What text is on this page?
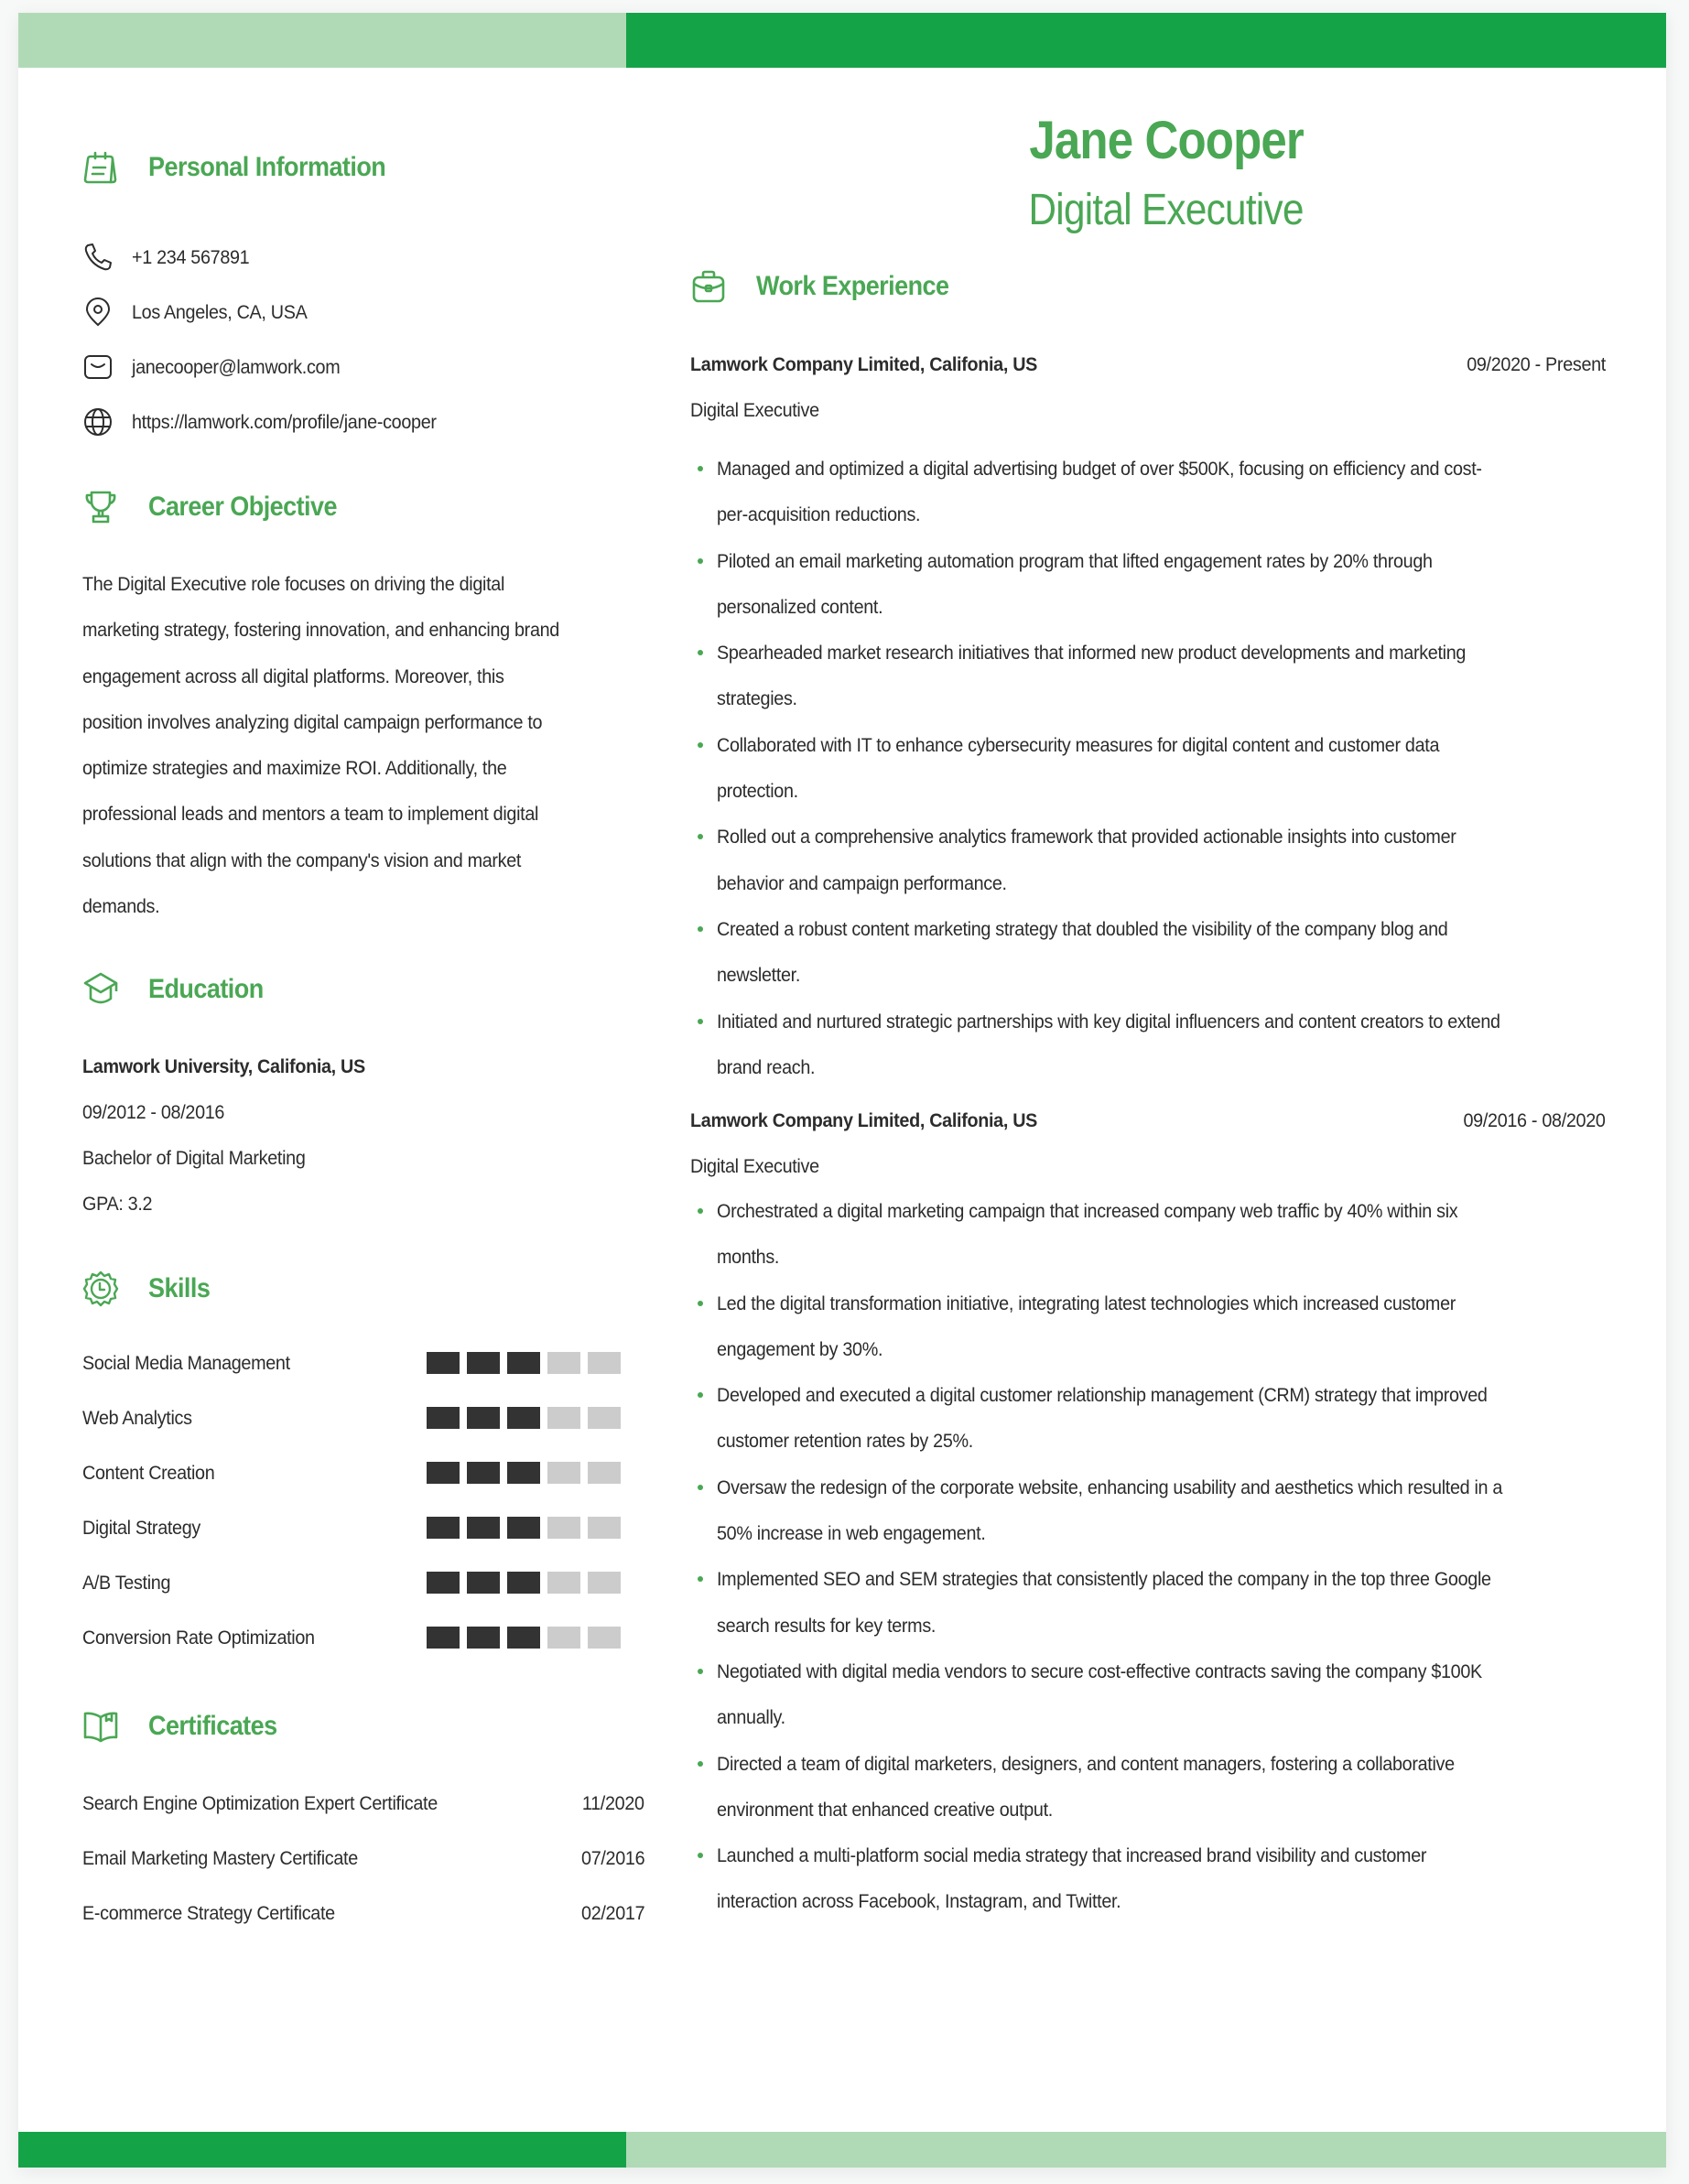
Personal Information
+1 234 567891
Los Angeles, CA, USA
janecooper@lamwork.com
https://lamwork.com/profile/jane-cooper
Career Objective
The Digital Executive role focuses on driving the digital
marketing strategy, fostering innovation, and enhancing brand
engagement across all digital platforms. Moreover, this
position involves analyzing digital campaign performance to
optimize strategies and maximize ROI. Additionally, the
professional leads and mentors a team to implement digital
solutions that align with the company's vision and market
demands.
Education
Lamwork University, Califonia, US
09/2012 - 08/2016
Bachelor of Digital Marketing
GPA: 3.2
Skills
Social Media Management
Web Analytics
Content Creation
Digital Strategy
A/B Testing
Conversion Rate Optimization
Certificates
Search Engine Optimization Expert Certificate	11/2020
Email Marketing Mastery Certificate	07/2016
E-commerce Strategy Certificate	02/2017
Jane Cooper
Digital Executive
Work Experience
Lamwork Company Limited, Califonia, US	09/2020 - Present
Digital Executive
Managed and optimized a digital advertising budget of over $500K, focusing on efficiency and cost-
per-acquisition reductions.
Piloted an email marketing automation program that lifted engagement rates by 20% through
personalized content.
Spearheaded market research initiatives that informed new product developments and marketing
strategies.
Collaborated with IT to enhance cybersecurity measures for digital content and customer data
protection.
Rolled out a comprehensive analytics framework that provided actionable insights into customer
behavior and campaign performance.
Created a robust content marketing strategy that doubled the visibility of the company blog and
newsletter.
Initiated and nurtured strategic partnerships with key digital influencers and content creators to extend
brand reach.
Lamwork Company Limited, Califonia, US	09/2016 - 08/2020
Digital Executive
Orchestrated a digital marketing campaign that increased company web traffic by 40% within six
months.
Led the digital transformation initiative, integrating latest technologies which increased customer
engagement by 30%.
Developed and executed a digital customer relationship management (CRM) strategy that improved
customer retention rates by 25%.
Oversaw the redesign of the corporate website, enhancing usability and aesthetics which resulted in a
50% increase in web engagement.
Implemented SEO and SEM strategies that consistently placed the company in the top three Google
search results for key terms.
Negotiated with digital media vendors to secure cost-effective contracts saving the company $100K
annually.
Directed a team of digital marketers, designers, and content managers, fostering a collaborative
environment that enhanced creative output.
Launched a multi-platform social media strategy that increased brand visibility and customer
interaction across Facebook, Instagram, and Twitter.
